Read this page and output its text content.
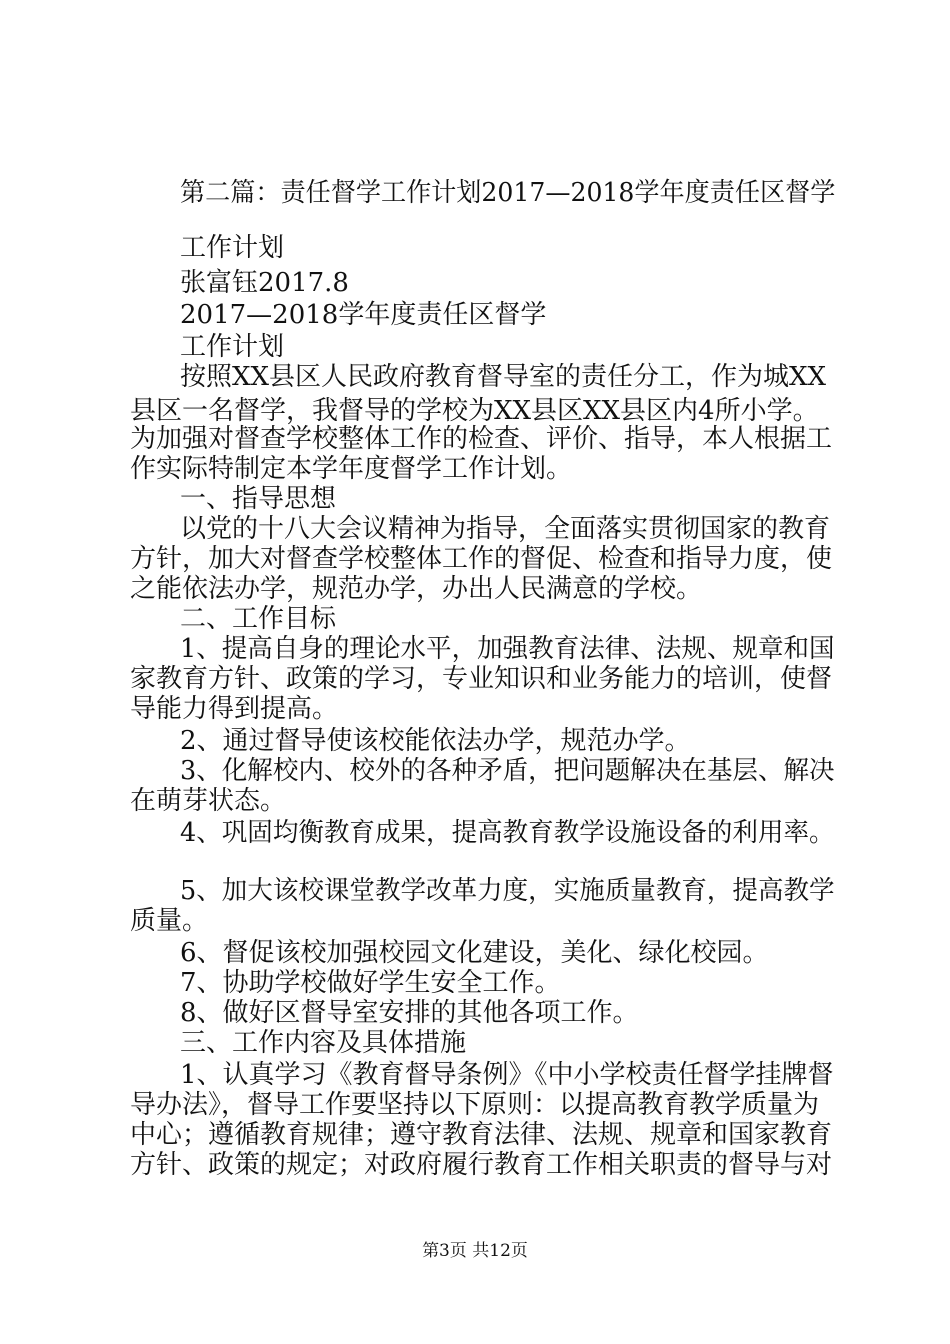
第二篇：责任督学工作计划2017—2018学年度责任区督学
工作计划
张富钰2017.8
2017—2018学年度责任区督学
工作计划
按照XX县区人民政府教育督导室的责任分工，作为城XX
县区一名督学，我督导的学校为XX县区XX县区内4所小学。
为加强对督查学校整体工作的检查、评价、指导，本人根据工
作实际特制定本学年度督学工作计划。
一、指导思想
以党的十八大会议精神为指导，全面落实贯彻国家的教育
方针，加大对督查学校整体工作的督促、检查和指导力度，使
之能依法办学，规范办学，办出人民满意的学校。
二、工作目标
1、提高自身的理论水平，加强教育法律、法规、规章和国
家教育方针、政策的学习，专业知识和业务能力的培训，使督
导能力得到提高。
2、通过督导使该校能依法办学，规范办学。
3、化解校内、校外的各种矛盾，把问题解决在基层、解决
在萌芽状态。
4、巩固均衡教育成果，提高教育教学设施设备的利用率。
5、加大该校课堂教学改革力度，实施质量教育，提高教学
质量。
6、督促该校加强校园文化建设，美化、绿化校园。
7、协助学校做好学生安全工作。
8、做好区督导室安排的其他各项工作。
三、工作内容及具体措施
1、认真学习《教育督导条例》《中小学校责任督学挂牌督
导办法》，督导工作要坚持以下原则：以提高教育教学质量为
中心；遵循教育规律；遵守教育法律、法规、规章和国家教育
方针、政策的规定；对政府履行教育工作相关职责的督导与对
第3页 共12页
